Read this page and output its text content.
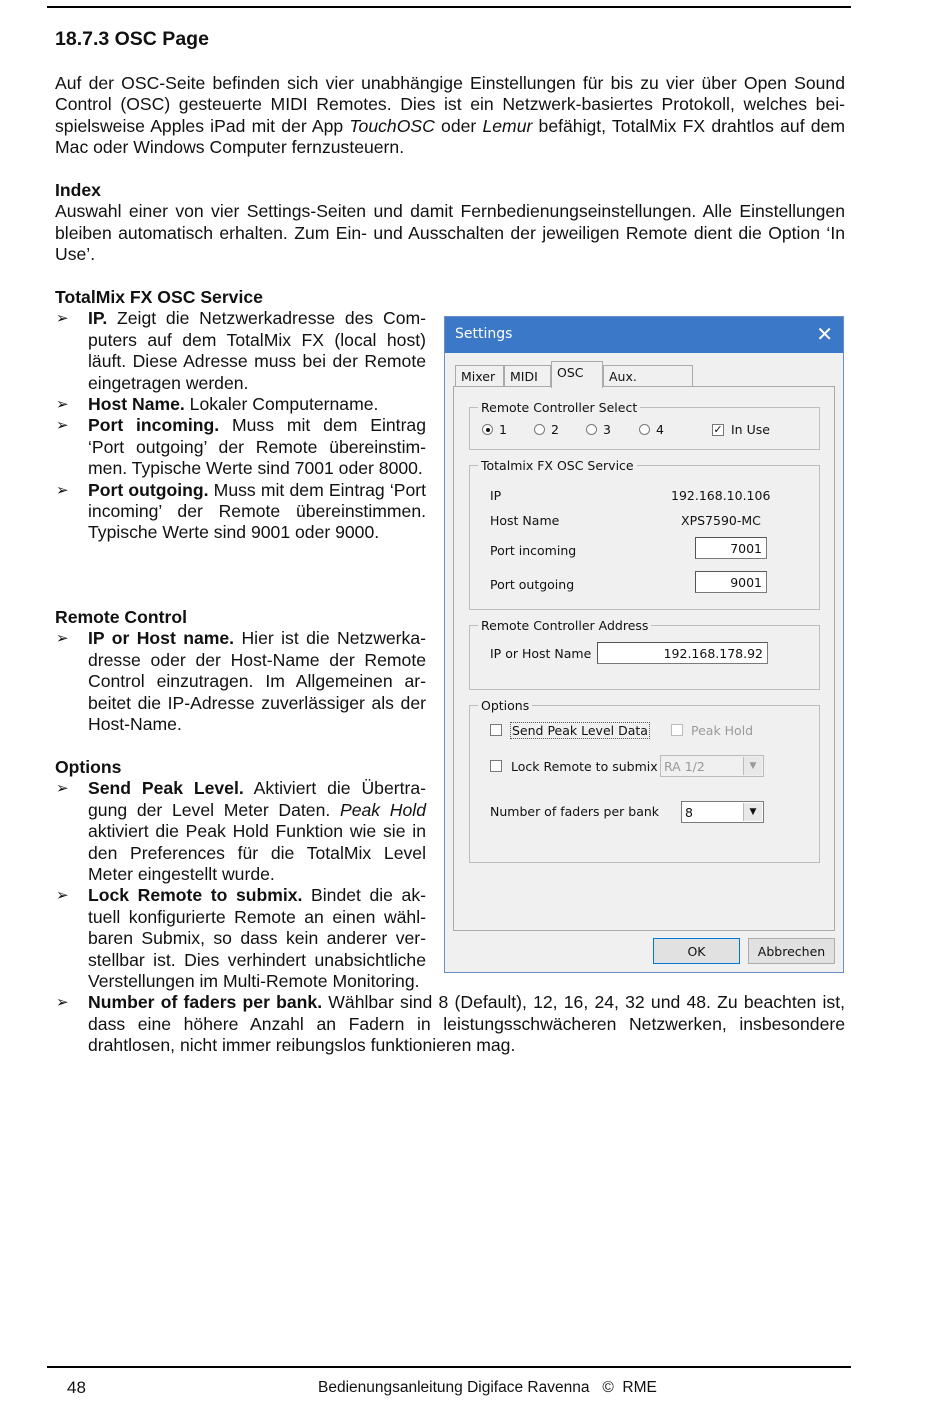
18.7.3 OSC Page

Auf der OSC-Seite befinden sich vier unabhängige Einstellungen für bis zu vier über Open Sound Control (OSC) gesteuerte MIDI Remotes. Dies ist ein Netzwerk-basiertes Protokoll, welches beispielsweise Apples iPad mit der App TouchOSC oder Lemur befähigt, TotalMix FX drahtlos auf dem Mac oder Windows Computer fernzusteuern.

Index
Auswahl einer von vier Settings-Seiten und damit Fernbedienungseinstellungen. Alle Einstellungen bleiben automatisch erhalten. Zum Ein- und Ausschalten der jeweiligen Remote dient die Option ‘In Use’.
TotalMix FX OSC Service
➢ IP. Zeigt die Netzwerkadresse des Computers auf dem TotalMix FX (local host) läuft. Diese Adresse muss bei der Remote eingetragen werden.
➢ Host Name. Lokaler Computername.
➢ Port incoming. Muss mit dem Eintrag ‘Port outgoing’ der Remote übereinstimmen. Typische Werte sind 7001 oder 8000.
➢ Port outgoing. Muss mit dem Eintrag ‘Port incoming’ der Remote übereinstimmen. Typische Werte sind 9001 oder 9000.
Remote Control
➢ IP or Host name. Hier ist die Netzwerkadresse oder der Host-Name der Remote Control einzutragen. Im Allgemeinen arbeitet die IP-Adresse zuverlässiger als der Host-Name.
Options
➢ Send Peak Level. Aktiviert die Übertragung der Level Meter Daten. Peak Hold aktiviert die Peak Hold Funktion wie sie in den Preferences für die TotalMix Level Meter eingestellt wurde.
➢ Lock Remote to submix. Bindet die aktuell konfigurierte Remote an einen wählbaren Submix, so dass kein anderer verstellbar ist. Dies verhindert unabsichtliche Verstellungen im Multi-Remote Monitoring.
➢ Number of faders per bank. Wählbar sind 8 (Default), 12, 16, 24, 32 und 48. Zu beachten ist, dass eine höhere Anzahl an Fadern in leistungsschwächeren Netzwerken, insbesondere drahtlosen, nicht immer reibungslos funktionieren mag.
Settings	✕
Mixer	MIDI	OSC	Aux.
Remote Controller Select
1	2	3	4	✓ In Use
Totalmix FX OSC Service
IP	192.168.10.106
Host Name	XPS7590-MC
Port incoming	7001
Port outgoing	9001
Remote Controller Address
IP or Host Name	192.168.178.92
Options
Send Peak Level Data	Peak Hold
Lock Remote to submix RA 1/2	▼
Number of faders per bank	8	▼
OK	Abbrechen
48	Bedienungsanleitung Digiface Ravenna   ©  RME
